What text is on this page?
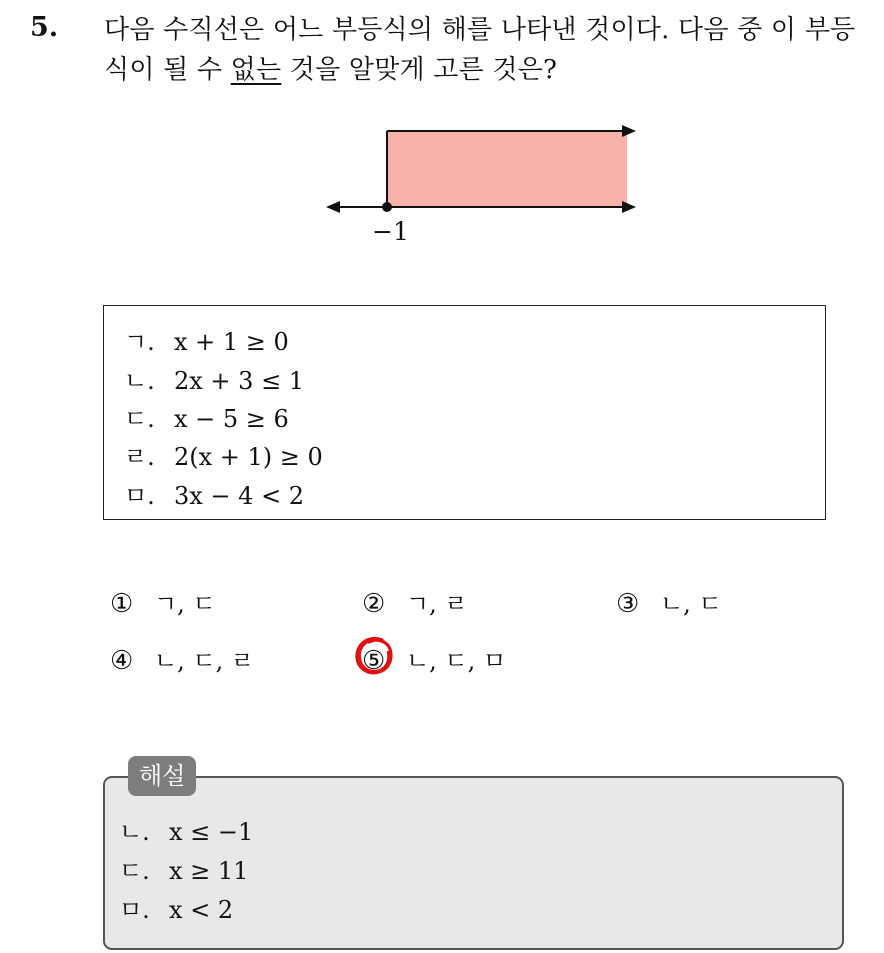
5. 다음 수직선은 어느 부등식의 해를 나타낸 것이다. 다음 중 이 부등식이 될 수 없는 것을 알맞게 고른 것은?
−1
ㄱ. x + 1 ≥ 0
ㄴ. 2x + 3 ≤ 1
ㄷ. x − 5 ≥ 6
ㄹ. 2(x + 1) ≥ 0
ㅁ. 3x − 4 < 2
① ㄱ, ㄷ	② ㄱ, ㄹ	③ ㄴ, ㄷ
④ ㄴ, ㄷ, ㄹ	⑤ ㄴ, ㄷ, ㅁ
ㄴ. x ≤ −1
ㄷ. x ≥ 11
ㅁ. x < 2
해설
